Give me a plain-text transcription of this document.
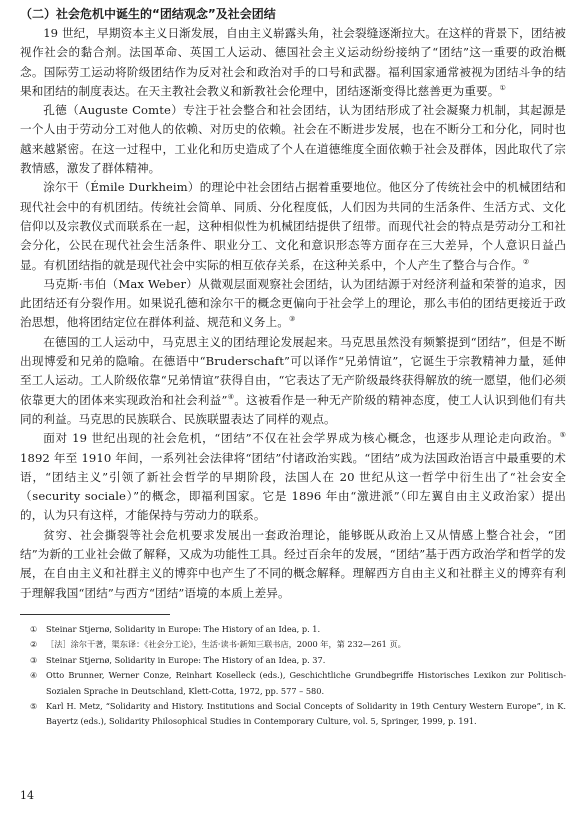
（二）社会危机中诞生的“团结观念”及社会团结

19 世纪，早期资本主义日渐发展，自由主义崭露头角，社会裂缝逐渐拉大。在这样的背景下，团结被视作社会的黏合剂。法国革命、英国工人运动、德国社会主义运动纷纷接纳了“团结”这一重要的政治概念。国际劳工运动将阶级团结作为反对社会和政治对手的口号和武器。福利国家通常被视为团结斗争的结果和团结的制度表达。在天主教社会教义和新教社会伦理中，团结逐渐变得比慈善更为重要。①

孔德（Auguste Comte）专注于社会整合和社会团结，认为团结形成了社会凝聚力机制，其起源是一个人由于劳动分工对他人的依赖、对历史的依赖。社会在不断进步发展，也在不断分工和分化，同时也越来越紧密。在这一过程中，工业化和历史造成了个人在道德维度全面依赖于社会及群体，因此取代了宗教情感，激发了群体精神。

涂尔干（Émile Durkheim）的理论中社会团结占据着重要地位。他区分了传统社会中的机械团结和现代社会中的有机团结。传统社会简单、同质、分化程度低，人们因为共同的生活条件、生活方式、文化信仰以及宗教仪式而联系在一起，这种相似性为机械团结提供了纽带。而现代社会的特点是劳动分工和社会分化，公民在现代社会生活条件、职业分工、文化和意识形态等方面存在三大差异，个人意识日益凸显。有机团结指的就是现代社会中实际的相互依存关系，在这种关系中，个人产生了整合与合作。②

马克斯·韦伯（Max Weber）从微观层面观察社会团结，认为团结源于对经济利益和荣誉的追求，因此团结还有分裂作用。如果说孔德和涂尔干的概念更偏向于社会学上的理论，那么韦伯的团结更接近于政治思想，他将团结定位在群体利益、规范和义务上。③

在德国的工人运动中，马克思主义的团结理论发展起来。马克思虽然没有频繁提到“团结”，但是不断出现博爱和兄弟的隐喻。在德语中“Bruderschaft”可以译作“兄弟情谊”，它诞生于宗教精神力量，延伸至工人运动。工人阶级依靠“兄弟情谊”获得自由，“它表达了无产阶级最终获得解放的统一愿望，他们必须依靠更大的团体来实现政治和社会利益”④。这被看作是一种无产阶级的精神态度，使工人认识到他们有共同的利益。马克思的民族联合、民族联盟表达了同样的观点。

面对 19 世纪出现的社会危机，“团结”不仅在社会学界成为核心概念，也逐步从理论走向政治。⑤ 1892 年至 1910 年间，一系列社会法律将“团结”付诸政治实践。“团结”成为法国政治语言中最重要的术语，“团结主义”引领了新社会哲学的早期阶段，法国人在 20 世纪从这一哲学中衍生出了“社会安全（security sociale）”的概念，即福利国家。它是 1896 年由“激进派”（印左翼自由主义政治家）提出的，认为只有这样，才能保持与劳动力的联系。

贫穷、社会撕裂等社会危机要求发展出一套政治理论，能够既从政治上又从情感上整合社会，“团结”为新的工业社会做了解释，又成为功能性工具。经过百余年的发展，“团结”基于西方政治学和哲学的发展，在自由主义和社群主义的博弈中也产生了不同的概念解释。理解西方自由主义和社群主义的博弈有利于理解我国“团结”与西方“团结”语境的本质上差异。

① Steinar Stjernø, Solidarity in Europe: The History of an Idea, p. 1.

② ［法］涂尔干著，渠东译：《社会分工论》，生活·读书·新知三联书店，2000 年，第 232—261 页。

③ Steinar Stjernø, Solidarity in Europe: The History of an Idea, p. 37.

④ Otto Brunner, Werner Conze, Reinhart Koselleck (eds.), Geschichtliche Grundbegriffe Historisches Lexikon zur Politisch-Sozialen Sprache in Deutschland, Klett-Cotta, 1972, pp. 577 – 580.

⑤ Karl H. Metz, “Solidarity and History. Institutions and Social Concepts of Solidarity in 19th Century Western Europe”, in K. Bayertz (eds.), Solidarity Philosophical Studies in Contemporary Culture, vol. 5, Springer, 1999, p. 191.

14
